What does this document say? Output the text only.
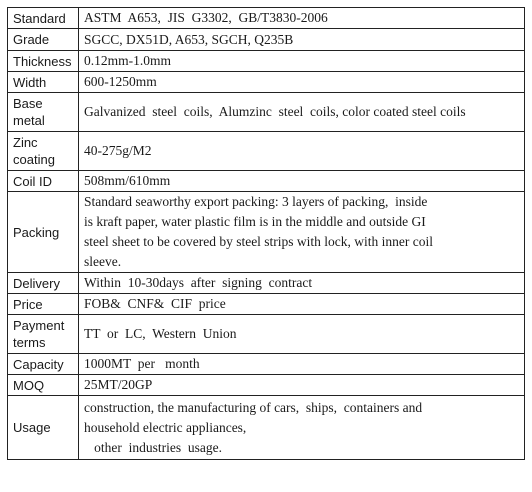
Standard	ASTM  A653,  JIS  G3302,  GB/T3830-2006

Grade	SGCC, DX51D, A653, SGCH, Q235B

Thickness	0.12mm-1.0mm

Width	600-1250mm

Base
metal	Galvanized  steel  coils,  Alumzinc  steel  coils, color coated steel coils

Zinc
coating	40-275g/M2

Coil ID	508mm/610mm

Packing	Standard seaworthy export packing: 3 layers of packing,  inside
is kraft paper, water plastic film is in the middle and outside GI
steel sheet to be covered by steel strips with lock, with inner coil
sleeve.

Delivery	Within  10-30days  after  signing  contract

Price	FOB&  CNF&  CIF  price

Payment
terms	TT  or  LC,  Western  Union

Capacity	1000MT  per   month

MOQ	25MT/20GP

Usage	construction, the manufacturing of cars,  ships,  containers and
household electric appliances,
other  industries  usage.
